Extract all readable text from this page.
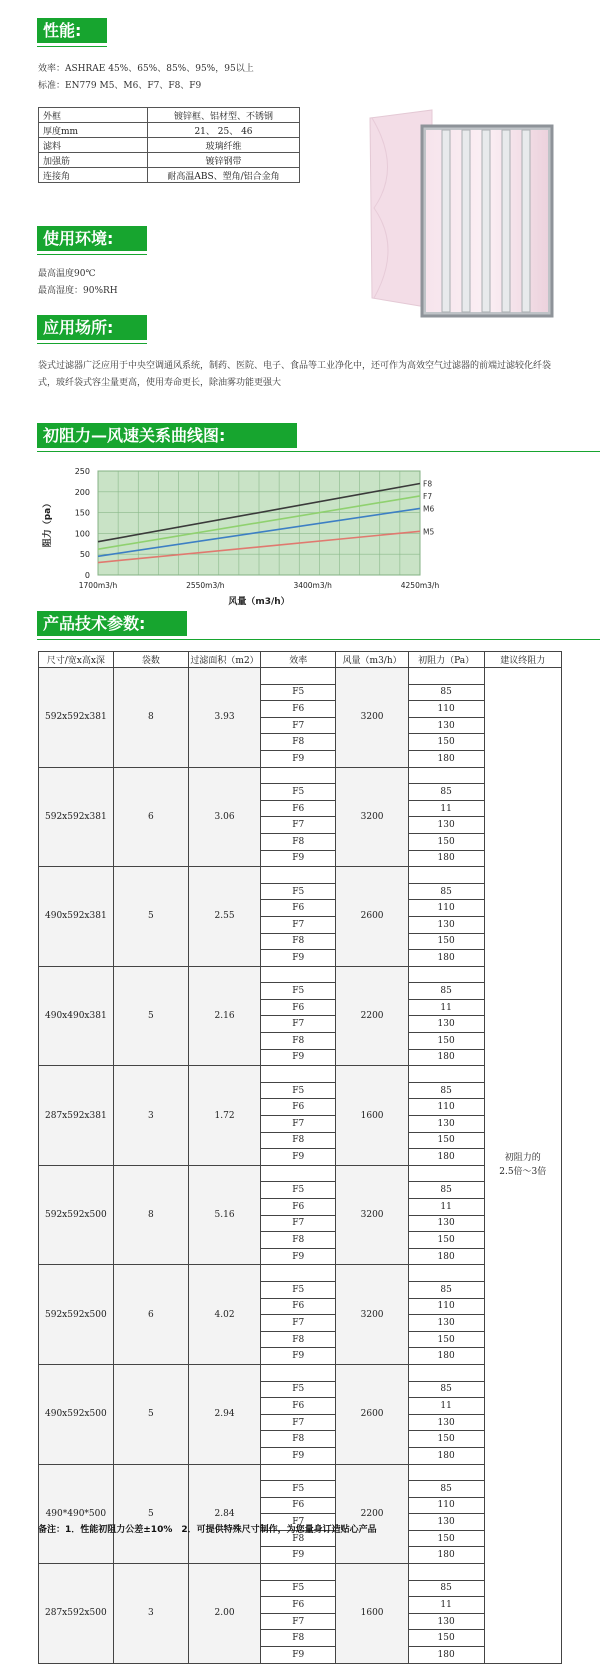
性能:
效率：ASHRAE 45%、65%、85%、95%，95以上
标准：EN779 M5、M6、F7、F8、F9
外框	镀锌框、铝材型、不锈钢
厚度mm	21、 25、 46
滤料	玻璃纤维
加强筋	镀锌钢带
连接角	耐高温ABS、塑角/铝合金角
使用环境:
最高温度90℃
最高湿度：90%RH
应用场所:
袋式过滤器广泛应用于中央空调通风系统，制药、医院、电子、食品等工业净化中，还可作为高效空气过滤器的前端过滤较化纤袋式，玻纤袋式容尘量更高，使用寿命更长，除油雾功能更强大
初阻力—风速关系曲线图:
0
50
100
150
200
250
1700m3/h	2550m3/h	3400m3/h	4250m3/h
F8
F7
M6
M5
风量（m3/h）
阻力（pa）
产品技术参数:
尺寸/宽x高x深	袋数	过滤面积（m2）	效率	风量（m3/h）	初阻力（Pa）	建议终阻力
592x592x381	8	3.93		3200		初阻力的
2.5倍～3倍

			F5		85	
			F6		110	
			F7		130	
			F8		150	
			F9		180	
592x592x381	6	3.06		3200		
			F5		85	
			F6		11	
			F7		130	
			F8		150	
			F9		180	
490x592x381	5	2.55		2600		
			F5		85	
			F6		110	
			F7		130	
			F8		150	
			F9		180	
490x490x381	5	2.16		2200		
			F5		85	
			F6		11	
			F7		130	
			F8		150	
			F9		180	
287x592x381	3	1.72		1600		
			F5		85	
			F6		110	
			F7		130	
			F8		150	
			F9		180	
592x592x500	8	5.16		3200		
			F5		85	
			F6		11	
			F7		130	
			F8		150	
			F9		180	
592x592x500	6	4.02		3200		
			F5		85	
			F6		110	
			F7		130	
			F8		150	
			F9		180	
490x592x500	5	2.94		2600		
			F5		85	
			F6		11	
			F7		130	
			F8		150	
			F9		180	
490*490*500	5	2.84		2200		
			F5		85	
			F6		110	
			F7		130	
			F8		150	
			F9		180	
287x592x500	3	2.00		1600		
			F5		85	
			F6		11	
			F7		130	
			F8		150	
			F9		180	
备注：1．性能初阻力公差±10%　2．可提供特殊尺寸制作，为您量身订造贴心产品
